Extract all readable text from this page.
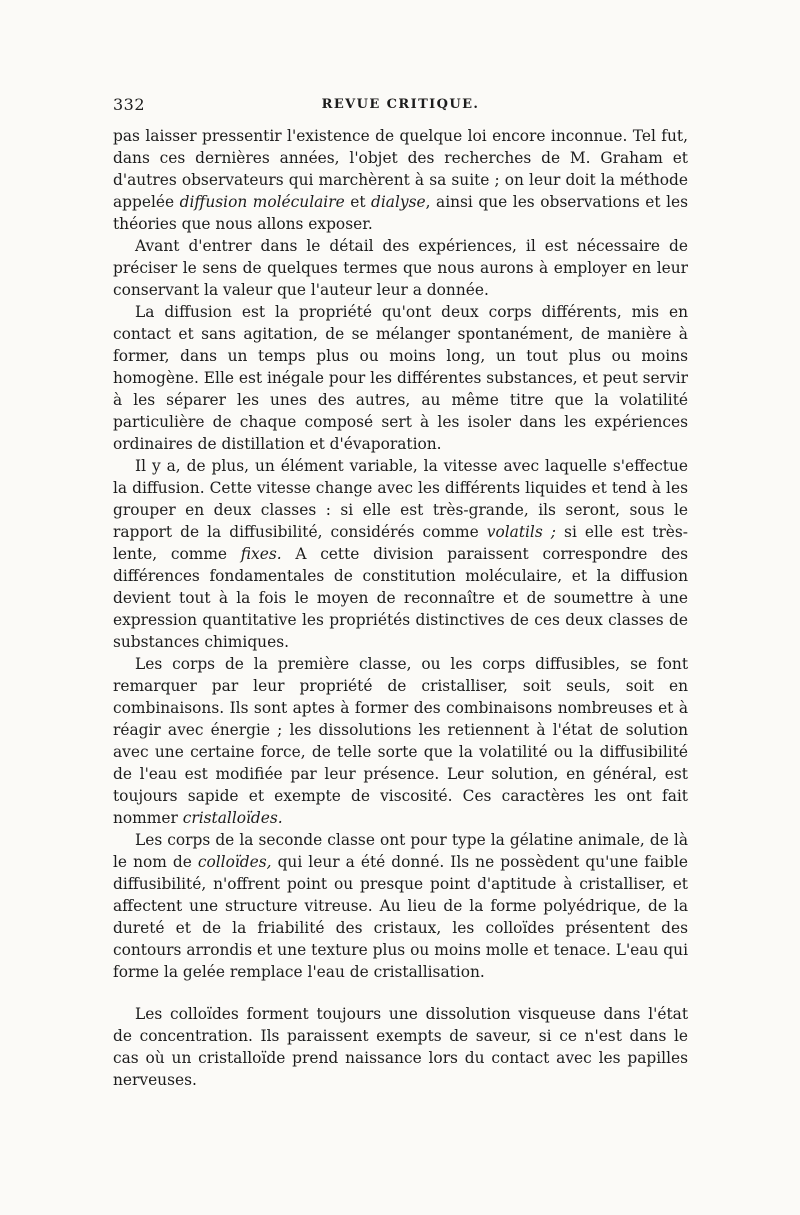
332	REVUE CRITIQUE.

pas laisser pressentir l'existence de quelque loi encore inconnue. Tel fut, dans ces dernières années, l'objet des recherches de M. Graham et d'autres observateurs qui marchèrent à sa suite ; on leur doit la méthode appelée diffusion moléculaire et dialyse, ainsi que les observations et les théories que nous allons exposer.

Avant d'entrer dans le détail des expériences, il est nécessaire de préciser le sens de quelques termes que nous aurons à employer en leur conservant la valeur que l'auteur leur a donnée.

La diffusion est la propriété qu'ont deux corps différents, mis en contact et sans agitation, de se mélanger spontanément, de manière à former, dans un temps plus ou moins long, un tout plus ou moins homogène. Elle est inégale pour les différentes substances, et peut servir à les séparer les unes des autres, au même titre que la volatilité particulière de chaque composé sert à les isoler dans les expériences ordinaires de distillation et d'évaporation.

Il y a, de plus, un élément variable, la vitesse avec laquelle s'effectue la diffusion. Cette vitesse change avec les différents liquides et tend à les grouper en deux classes : si elle est très-grande, ils seront, sous le rapport de la diffusibilité, considérés comme volatils ; si elle est très-lente, comme fixes. A cette division paraissent correspondre des différences fondamentales de constitution moléculaire, et la diffusion devient tout à la fois le moyen de reconnaître et de soumettre à une expression quantitative les propriétés distinctives de ces deux classes de substances chimiques.

Les corps de la première classe, ou les corps diffusibles, se font remarquer par leur propriété de cristalliser, soit seuls, soit en combinaisons. Ils sont aptes à former des combinaisons nombreuses et à réagir avec énergie ; les dissolutions les retiennent à l'état de solution avec une certaine force, de telle sorte que la volatilité ou la diffusibilité de l'eau est modifiée par leur présence. Leur solution, en général, est toujours sapide et exempte de viscosité. Ces caractères les ont fait nommer cristalloïdes.

Les corps de la seconde classe ont pour type la gélatine animale, de là le nom de colloïdes, qui leur a été donné. Ils ne possèdent qu'une faible diffusibilité, n'offrent point ou presque point d'aptitude à cristalliser, et affectent une structure vitreuse. Au lieu de la forme polyédrique, de la dureté et de la friabilité des cristaux, les colloïdes présentent des contours arrondis et une texture plus ou moins molle et tenace. L'eau qui forme la gelée remplace l'eau de cristallisation.

Les colloïdes forment toujours une dissolution visqueuse dans l'état de concentration. Ils paraissent exempts de saveur, si ce n'est dans le cas où un cristalloïde prend naissance lors du contact avec les papilles nerveuses.
